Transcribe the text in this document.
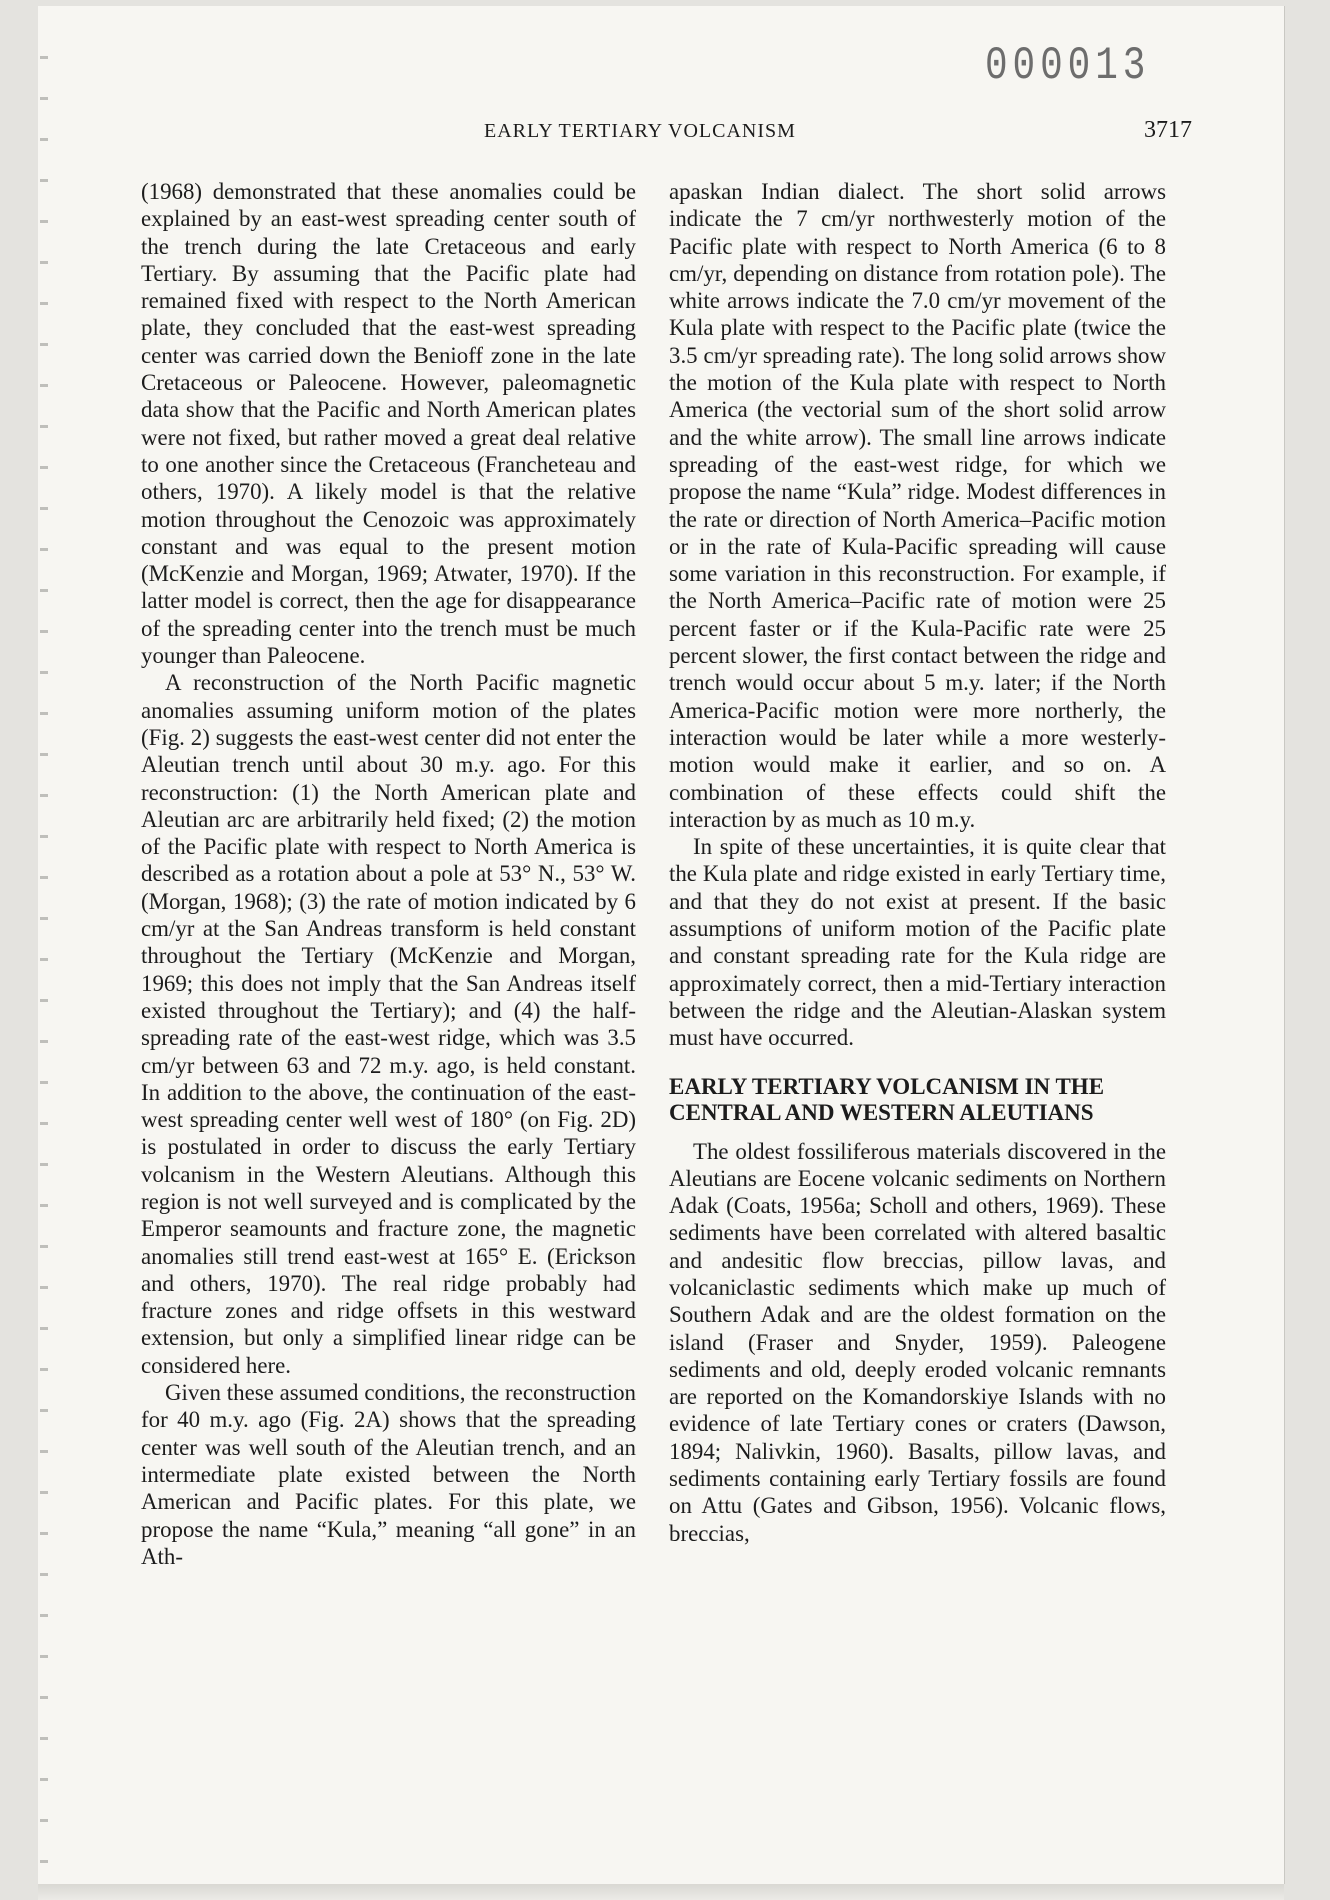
000013
EARLY TERTIARY VOLCANISM	3717

(1968) demonstrated that these anomalies could be explained by an east-west spreading center south of the trench during the late Cretaceous and early Tertiary. By assuming that the Pacific plate had remained fixed with respect to the North American plate, they concluded that the east-west spreading center was carried down the Benioff zone in the late Cretaceous or Paleocene. However, paleomagnetic data show that the Pacific and North American plates were not fixed, but rather moved a great deal relative to one another since the Cretaceous (Francheteau and others, 1970). A likely model is that the relative motion throughout the Cenozoic was approximately constant and was equal to the present motion (McKenzie and Morgan, 1969; Atwater, 1970). If the latter model is correct, then the age for disappearance of the spreading center into the trench must be much younger than Paleocene.

A reconstruction of the North Pacific magnetic anomalies assuming uniform motion of the plates (Fig. 2) suggests the east-west center did not enter the Aleutian trench until about 30 m.y. ago. For this reconstruction: (1) the North American plate and Aleutian arc are arbitrarily held fixed; (2) the motion of the Pacific plate with respect to North America is described as a rotation about a pole at 53° N., 53° W. (Morgan, 1968); (3) the rate of motion indicated by 6 cm/yr at the San Andreas transform is held constant throughout the Tertiary (McKenzie and Morgan, 1969; this does not imply that the San Andreas itself existed throughout the Tertiary); and (4) the half-spreading rate of the east-west ridge, which was 3.5 cm/yr between 63 and 72 m.y. ago, is held constant. In addition to the above, the continuation of the east-west spreading center well west of 180° (on Fig. 2D) is postulated in order to discuss the early Tertiary volcanism in the Western Aleutians. Although this region is not well surveyed and is complicated by the Emperor seamounts and fracture zone, the magnetic anomalies still trend east-west at 165° E. (Erickson and others, 1970). The real ridge probably had fracture zones and ridge offsets in this westward extension, but only a simplified linear ridge can be considered here.

Given these assumed conditions, the reconstruction for 40 m.y. ago (Fig. 2A) shows that the spreading center was well south of the Aleutian trench, and an intermediate plate existed between the North American and Pacific plates. For this plate, we propose the name “Kula,” meaning “all gone” in an Ath-

apaskan Indian dialect. The short solid arrows indicate the 7 cm/yr northwesterly motion of the Pacific plate with respect to North America (6 to 8 cm/yr, depending on distance from rotation pole). The white arrows indicate the 7.0 cm/yr movement of the Kula plate with respect to the Pacific plate (twice the 3.5 cm/yr spreading rate). The long solid arrows show the motion of the Kula plate with respect to North America (the vectorial sum of the short solid arrow and the white arrow). The small line arrows indicate spreading of the east-west ridge, for which we propose the name “Kula” ridge. Modest differences in the rate or direction of North America–Pacific motion or in the rate of Kula-Pacific spreading will cause some variation in this reconstruction. For example, if the North America–Pacific rate of motion were 25 percent faster or if the Kula-Pacific rate were 25 percent slower, the first contact between the ridge and trench would occur about 5 m.y. later; if the North America-Pacific motion were more northerly, the interaction would be later while a more westerly-motion would make it earlier, and so on. A combination of these effects could shift the interaction by as much as 10 m.y.

In spite of these uncertainties, it is quite clear that the Kula plate and ridge existed in early Tertiary time, and that they do not exist at present. If the basic assumptions of uniform motion of the Pacific plate and constant spreading rate for the Kula ridge are approximately correct, then a mid-Tertiary interaction between the ridge and the Aleutian-Alaskan system must have occurred.

EARLY TERTIARY VOLCANISM IN THE CENTRAL AND WESTERN ALEUTIANS

The oldest fossiliferous materials discovered in the Aleutians are Eocene volcanic sediments on Northern Adak (Coats, 1956a; Scholl and others, 1969). These sediments have been correlated with altered basaltic and andesitic flow breccias, pillow lavas, and volcaniclastic sediments which make up much of Southern Adak and are the oldest formation on the island (Fraser and Snyder, 1959). Paleogene sediments and old, deeply eroded volcanic remnants are reported on the Komandorskiye Islands with no evidence of late Tertiary cones or craters (Dawson, 1894; Nalivkin, 1960). Basalts, pillow lavas, and sediments containing early Tertiary fossils are found on Attu (Gates and Gibson, 1956). Volcanic flows, breccias,
